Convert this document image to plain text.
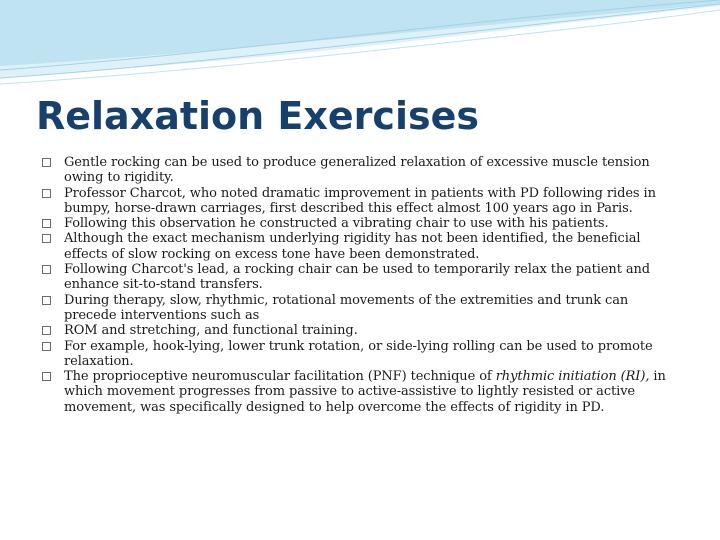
Relaxation Exercises
Gentle rocking can be used to produce generalized relaxation of excessive muscle tension owing to rigidity.
Professor Charcot, who noted dramatic improvement in patients with PD following rides in bumpy, horse-drawn carriages, first described this effect almost 100 years ago in Paris.
Following this observation he constructed a vibrating chair to use with his patients.
Although the exact mechanism underlying rigidity has not been identified, the beneficial effects of slow rocking on excess tone have been demonstrated.
Following Charcot's lead, a rocking chair can be used to temporarily relax the patient and enhance sit-to-stand transfers.
During therapy, slow, rhythmic, rotational movements of the extremities and trunk can precede interventions such as
ROM and stretching, and functional training.
For example, hook-lying, lower trunk rotation, or side-lying rolling can be used to promote relaxation.
The proprioceptive neuromuscular facilitation (PNF) technique of rhythmic initiation (RI), in which movement progresses from passive to active-assistive to lightly resisted or active movement, was specifically designed to help overcome the effects of rigidity in PD.
